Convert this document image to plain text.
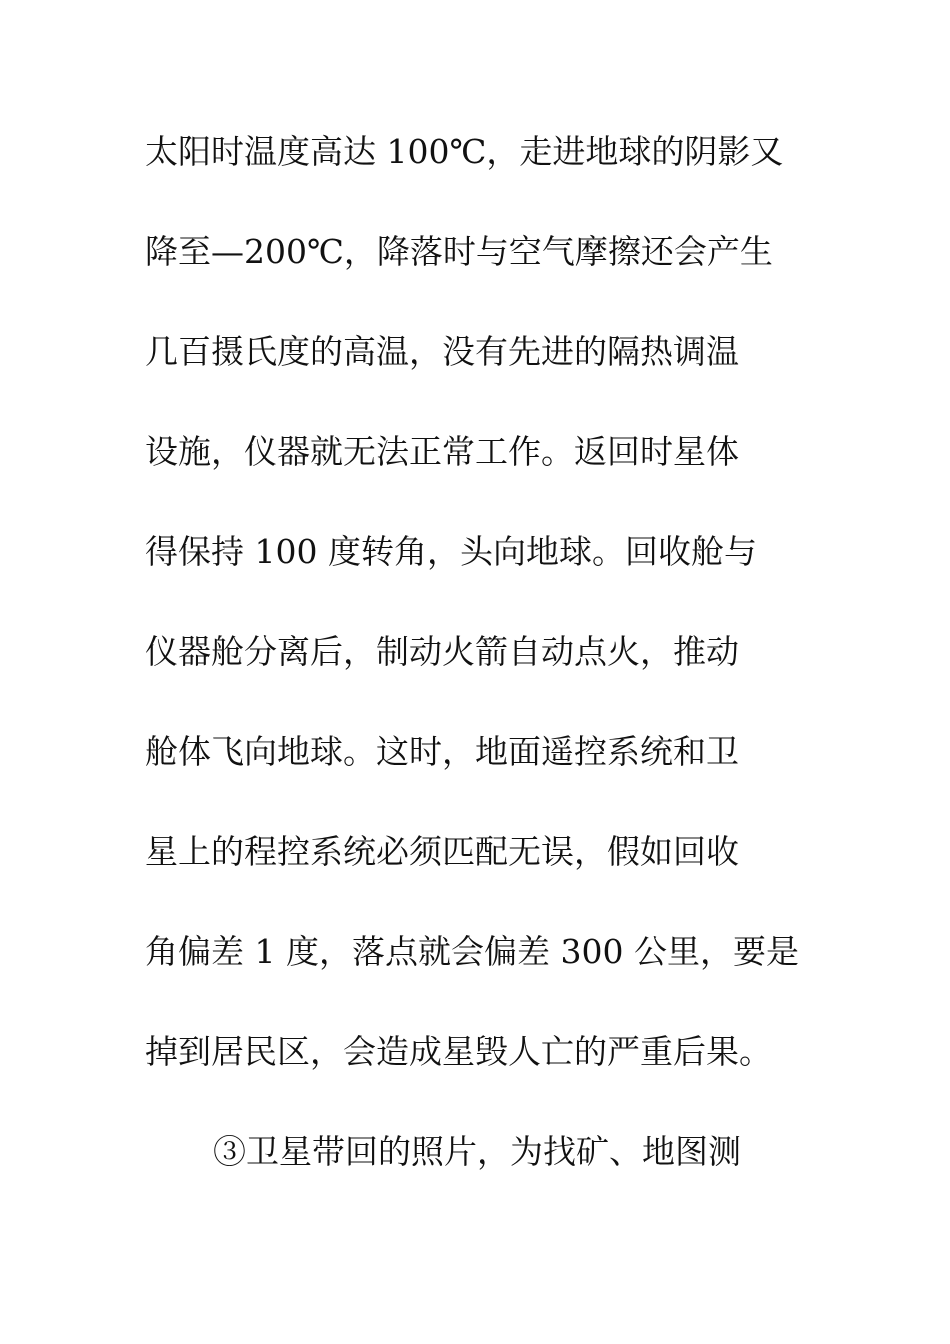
太阳时温度高达 100℃，走进地球的阴影又
降至—200℃，降落时与空气摩擦还会产生
几百摄氏度的高温，没有先进的隔热调温
设施，仪器就无法正常工作。返回时星体
得保持 100 度转角，头向地球。回收舱与
仪器舱分离后，制动火箭自动点火，推动
舱体飞向地球。这时，地面遥控系统和卫
星上的程控系统必须匹配无误，假如回收
角偏差 1 度，落点就会偏差 300 公里，要是
掉到居民区，会造成星毁人亡的严重后果。
③卫星带回的照片，为找矿、地图测
